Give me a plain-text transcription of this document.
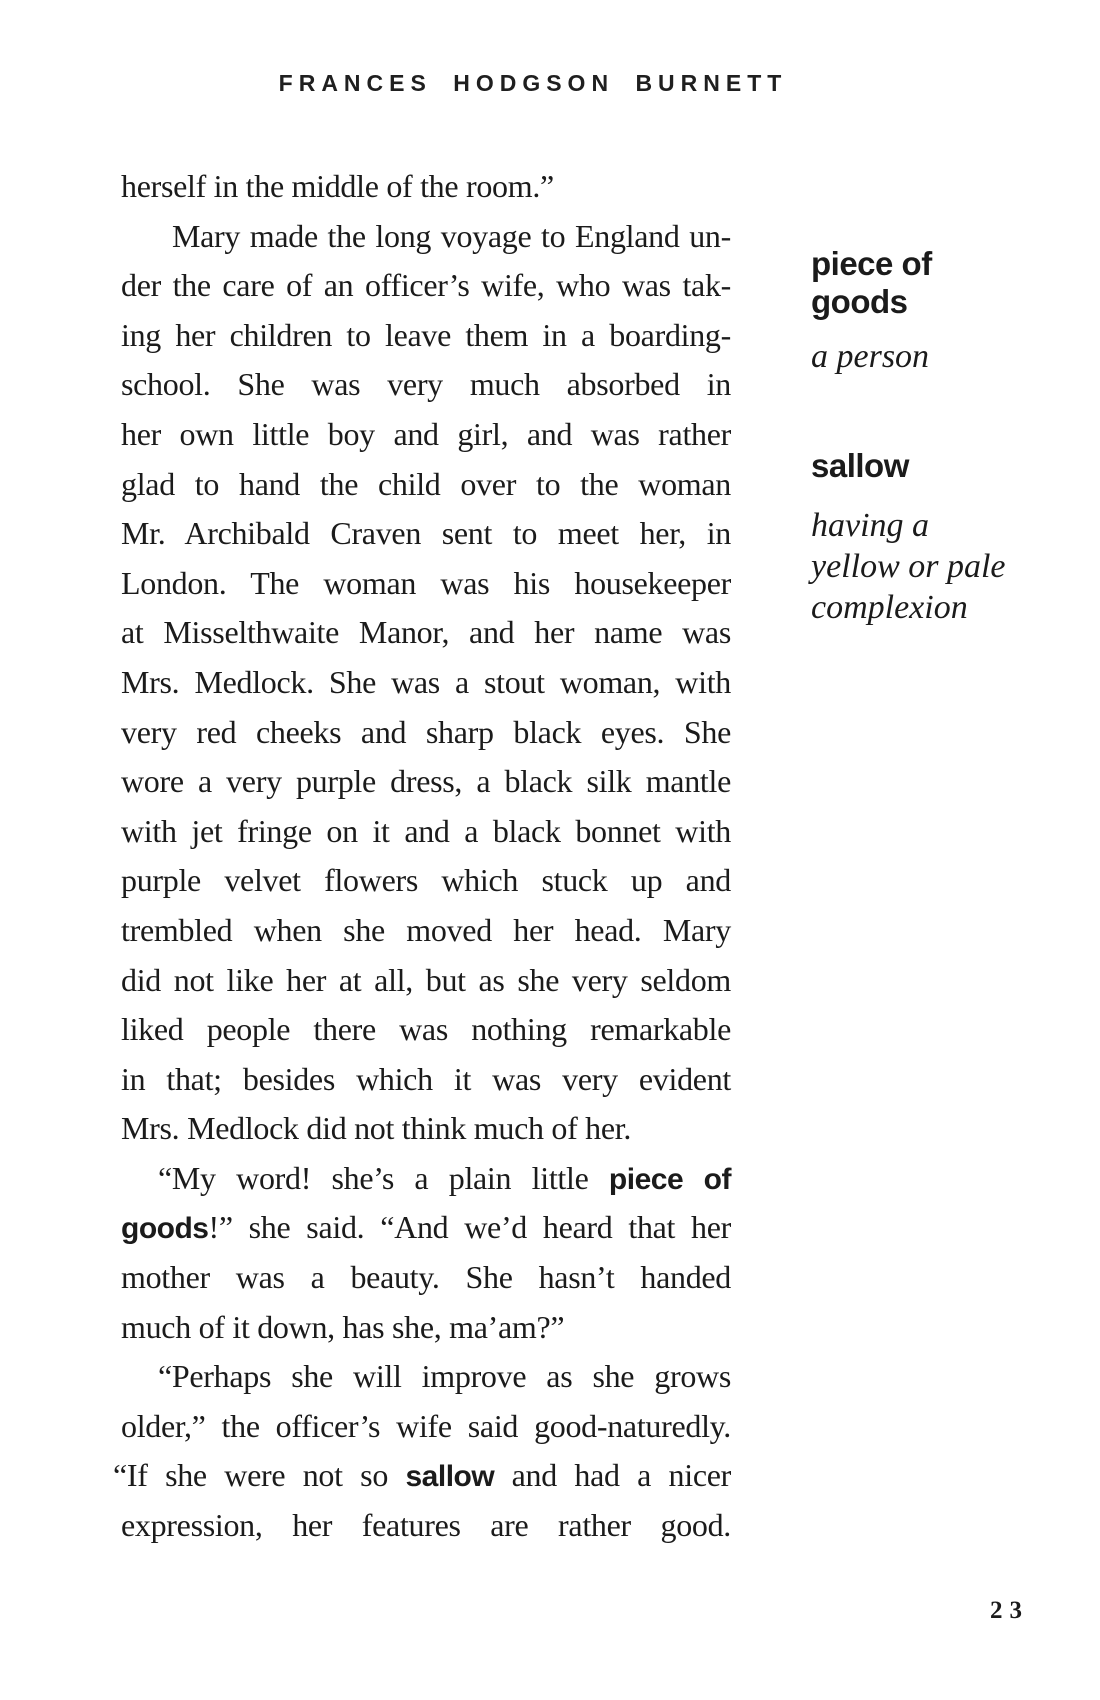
FRANCES HODGSON BURNETT
herself in the middle of the room.”
Mary made the long voyage to England un-
der the care of an officer’s wife, who was tak-
ing her children to leave them in a boarding-
school. She was very much absorbed in
her own little boy and girl, and was rather
glad to hand the child over to the woman
Mr. Archibald Craven sent to meet her, in
London. The woman was his housekeeper
at Misselthwaite Manor, and her name was
Mrs. Medlock. She was a stout woman, with
very red cheeks and sharp black eyes. She
wore a very purple dress, a black silk mantle
with jet fringe on it and a black bonnet with
purple velvet flowers which stuck up and
trembled when she moved her head. Mary
did not like her at all, but as she very seldom
liked people there was nothing remarkable
in that; besides which it was very evident
Mrs. Medlock did not think much of her.
“My word! she’s a plain little piece of
goods!” she said. “And we’d heard that her
mother was a beauty. She hasn’t handed
much of it down, has she, ma’am?”
“Perhaps she will improve as she grows
older,” the officer’s wife said good-naturedly.
“If she were not so sallow and had a nicer
expression, her features are rather good.
piece of
goods
a person
sallow
having a
yellow or pale
complexion
23
